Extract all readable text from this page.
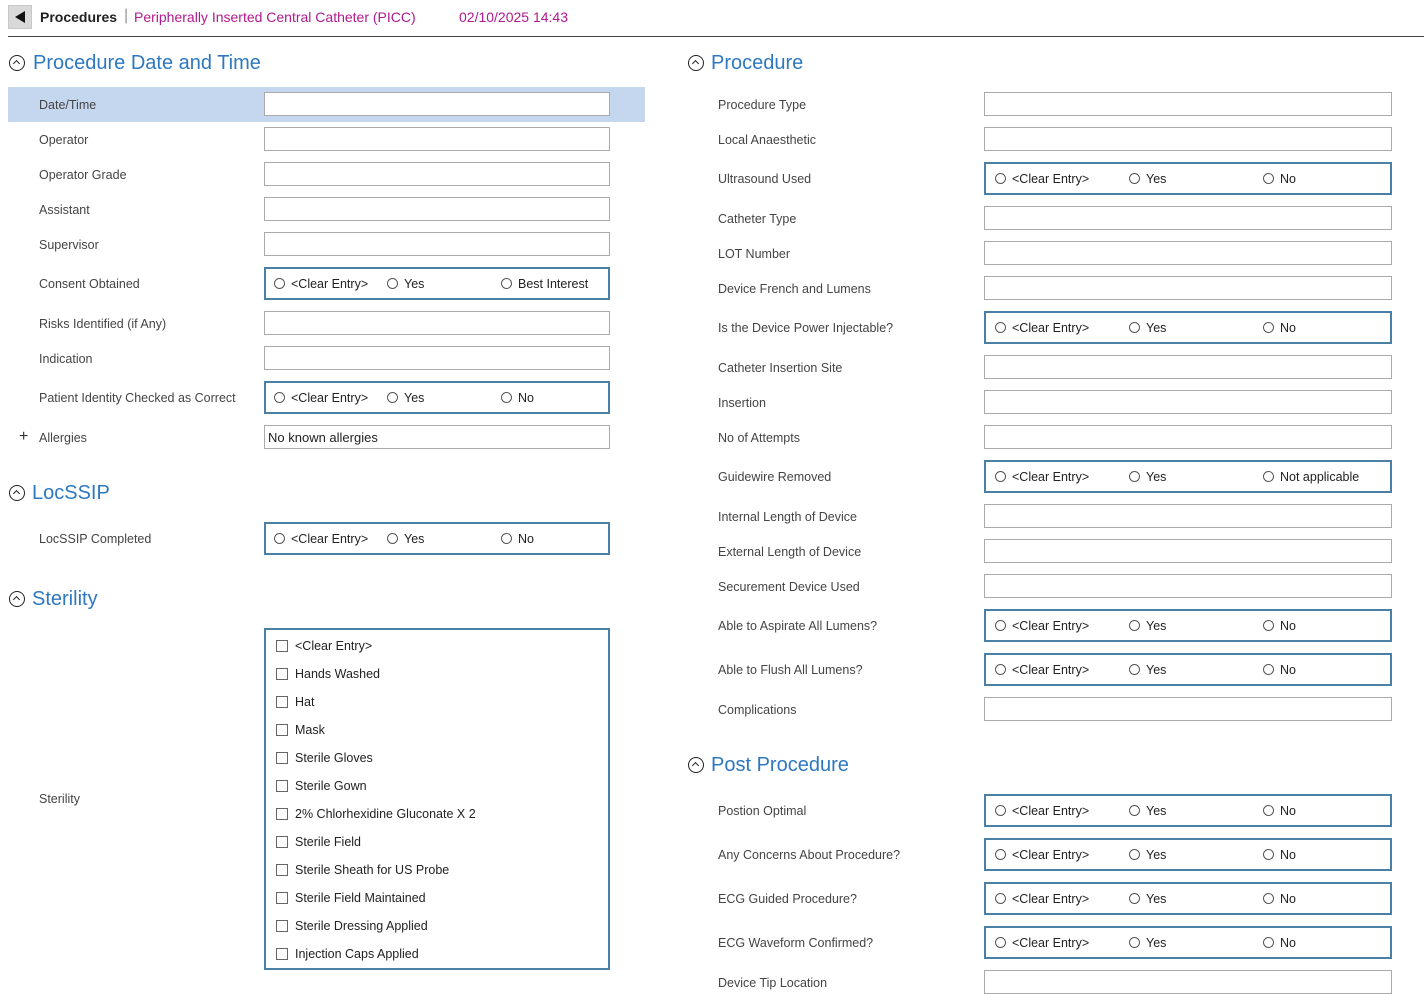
Procedures | Peripherally Inserted Central Catheter (PICC)	02/10/2025 14:43
Procedure Date and Time
Date/Time
Operator
Operator Grade
Assistant
Supervisor
Consent Obtained	<Clear Entry>	Yes	Best Interest
Risks Identified (if Any)
Indication
Patient Identity Checked as Correct	<Clear Entry>	Yes	No
+ Allergies	No known allergies
LocSSIP
LocSSIP Completed	<Clear Entry>	Yes	No
Sterility
Sterility
<Clear Entry>
Hands Washed
Hat
Mask
Sterile Gloves
Sterile Gown
2% Chlorhexidine Gluconate X 2
Sterile Field
Sterile Sheath for US Probe
Sterile Field Maintained
Sterile Dressing Applied
Injection Caps Applied
Procedure
Procedure Type
Local Anaesthetic
Ultrasound Used	<Clear Entry>	Yes	No
Catheter Type
LOT Number
Device French and Lumens
Is the Device Power Injectable?	<Clear Entry>	Yes	No
Catheter Insertion Site
Insertion
No of Attempts
Guidewire Removed	<Clear Entry>	Yes	Not applicable
Internal Length of Device
External Length of Device
Securement Device Used
Able to Aspirate All Lumens?	<Clear Entry>	Yes	No
Able to Flush All Lumens?	<Clear Entry>	Yes	No
Complications
Post Procedure
Postion Optimal	<Clear Entry>	Yes	No
Any Concerns About Procedure?	<Clear Entry>	Yes	No
ECG Guided Procedure?	<Clear Entry>	Yes	No
ECG Waveform Confirmed?	<Clear Entry>	Yes	No
Device Tip Location
